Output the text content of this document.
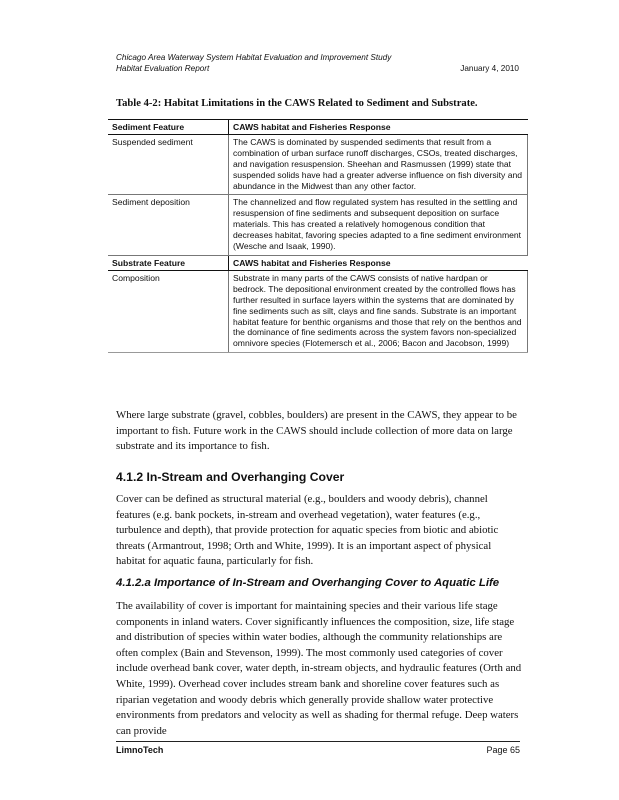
Chicago Area Waterway System Habitat Evaluation and Improvement Study
Habitat Evaluation Report	January 4, 2010
Table 4-2: Habitat Limitations in the CAWS Related to Sediment and Substrate.
Sediment Feature	CAWS habitat and Fisheries Response
Suspended sediment	The CAWS is dominated by suspended sediments that result from a combination of urban surface runoff discharges, CSOs, treated discharges, and navigation resuspension. Sheehan and Rasmussen (1999) state that suspended solids have had a greater adverse influence on fish diversity and abundance in the Midwest than any other factor.
Sediment deposition	The channelized and flow regulated system has resulted in the settling and resuspension of fine sediments and subsequent deposition on surface materials. This has created a relatively homogenous condition that decreases habitat, favoring species adapted to a fine sediment environment (Wesche and Isaak, 1990).
Substrate Feature	CAWS habitat and Fisheries Response
Composition	Substrate in many parts of the CAWS consists of native hardpan or bedrock. The depositional environment created by the controlled flows has further resulted in surface layers within the systems that are dominated by fine sediments such as silt, clays and fine sands. Substrate is an important habitat feature for benthic organisms and those that rely on the benthos and the dominance of fine sediments across the system favors non-specialized omnivore species (Flotemersch et al., 2006; Bacon and Jacobson, 1999)
Where large substrate (gravel, cobbles, boulders) are present in the CAWS, they appear to be important to fish. Future work in the CAWS should include collection of more data on large substrate and its importance to fish.
4.1.2 In-Stream and Overhanging Cover
Cover can be defined as structural material (e.g., boulders and woody debris), channel features (e.g. bank pockets, in-stream and overhead vegetation), water features (e.g., turbulence and depth), that provide protection for aquatic species from biotic and abiotic threats (Armantrout, 1998; Orth and White, 1999). It is an important aspect of physical habitat for aquatic fauna, particularly for fish.
4.1.2.a Importance of In-Stream and Overhanging Cover to Aquatic Life
The availability of cover is important for maintaining species and their various life stage components in inland waters. Cover significantly influences the composition, size, life stage and distribution of species within water bodies, although the community relationships are often complex (Bain and Stevenson, 1999). The most commonly used categories of cover include overhead bank cover, water depth, in-stream objects, and hydraulic features (Orth and White, 1999). Overhead cover includes stream bank and shoreline cover features such as riparian vegetation and woody debris which generally provide shallow water protective environments from predators and velocity as well as shading for thermal refuge. Deep waters can provide
LimnoTech	Page 65
